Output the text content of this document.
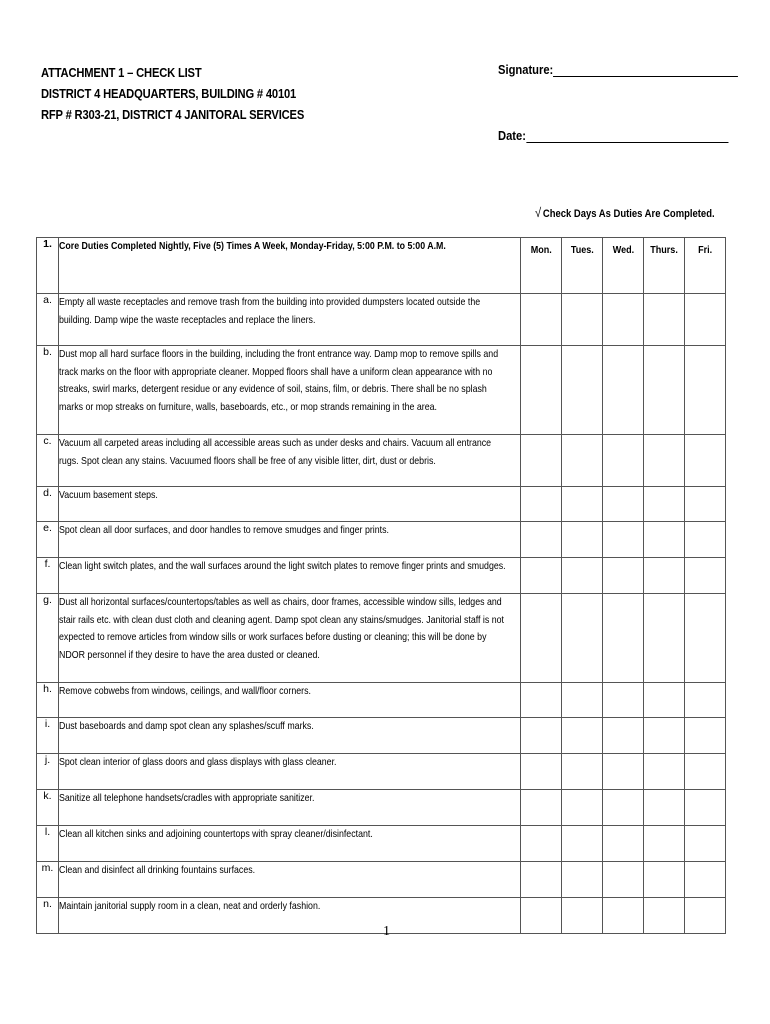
ATTACHMENT 1 – CHECK LIST
DISTRICT 4 HEADQUARTERS, BUILDING # 40101
RFP # R303-21, DISTRICT 4 JANITORAL SERVICES
Signature:
Date:
√ Check Days As Duties Are Completed.
1.	Core Duties Completed Nightly, Five (5) Times A Week, Monday-Friday, 5:00 P.M. to 5:00 A.M.	Mon.	Tues.	Wed.	Thurs.	Fri.
a.	Empty all waste receptacles and remove trash from the building into provided dumpsters located outside the building. Damp wipe the waste receptacles and replace the liners.					

b.	Dust mop all hard surface floors in the building, including the front entrance way. Damp mop to remove spills and track marks on the floor with appropriate cleaner. Mopped floors shall have a uniform clean appearance with no streaks, swirl marks, detergent residue or any evidence of soil, stains, film, or debris. There shall be no splash marks or mop streaks on furniture, walls, baseboards, etc., or mop strands remaining in the area.					

c.	Vacuum all carpeted areas including all accessible areas such as under desks and chairs. Vacuum all entrance rugs. Spot clean any stains. Vacuumed floors shall be free of any visible litter, dirt, dust or debris.					

d.	Vacuum basement steps.					

e.	Spot clean all door surfaces, and door handles to remove smudges and finger prints.					

f.	Clean light switch plates, and the wall surfaces around the light switch plates to remove finger prints and smudges.					

g.	Dust all horizontal surfaces/countertops/tables as well as chairs, door frames, accessible window sills, ledges and stair rails etc. with clean dust cloth and cleaning agent. Damp spot clean any stains/smudges. Janitorial staff is not expected to remove articles from window sills or work surfaces before dusting or cleaning; this will be done by NDOR personnel if they desire to have the area dusted or cleaned.					

h.	Remove cobwebs from windows, ceilings, and wall/floor corners.					

i.	Dust baseboards and damp spot clean any splashes/scuff marks.					

j.	Spot clean interior of glass doors and glass displays with glass cleaner.					

k.	Sanitize all telephone handsets/cradles with appropriate sanitizer.					

l.	Clean all kitchen sinks and adjoining countertops with spray cleaner/disinfectant.					

m.	Clean and disinfect all drinking fountains surfaces.					

n.	Maintain janitorial supply room in a clean, neat and orderly fashion.					

1
